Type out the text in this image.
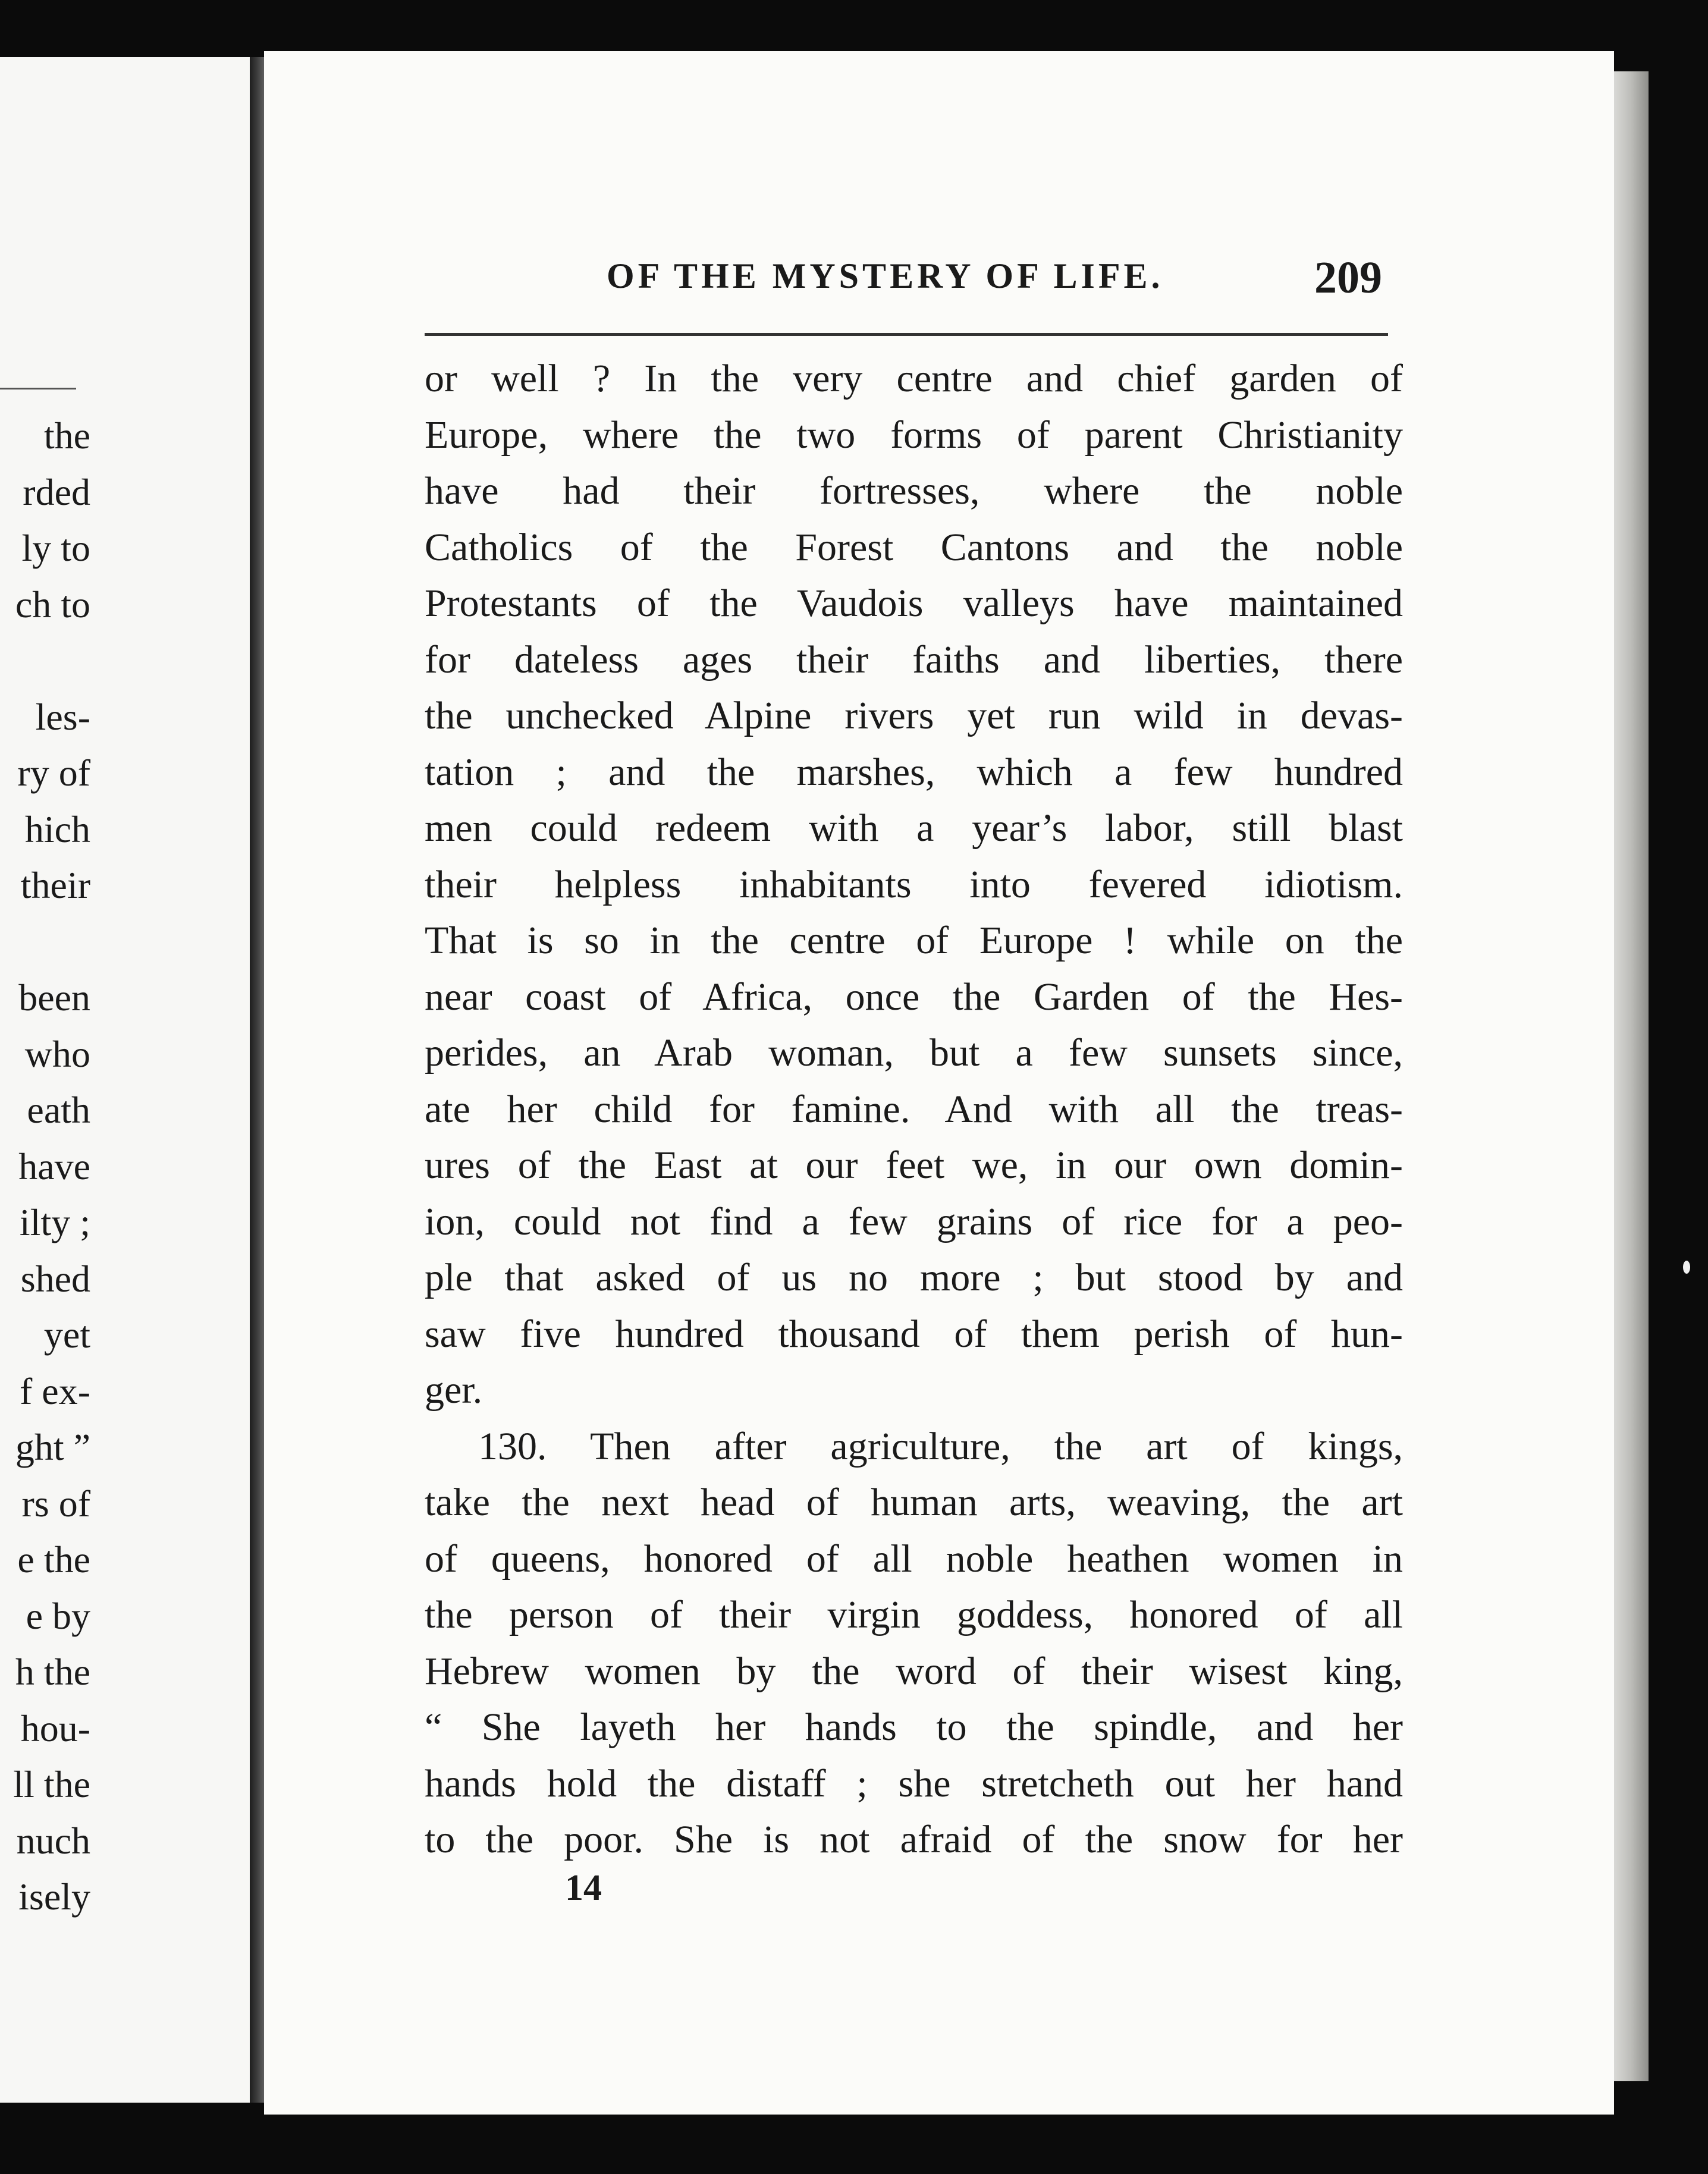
the
rded
ly to
ch to
les-
ry of
hich
their
been
who
eath
have
ilty ;
shed
yet
f ex-
ght ”
rs of
e the
e by
h the
hou-
ll the
nuch
isely
OF THE MYSTERY OF LIFE.	209
or well ? In the very centre and chief garden of
Europe, where the two forms of parent Christianity
have had their fortresses, where the noble
Catholics of the Forest Cantons and the noble
Protestants of the Vaudois valleys have maintained
for dateless ages their faiths and liberties, there
the unchecked Alpine rivers yet run wild in devas-
tation ; and the marshes, which a few hundred
men could redeem with a year’s labor, still blast
their helpless inhabitants into fevered idiotism.
That is so in the centre of Europe ! while on the
near coast of Africa, once the Garden of the Hes-
perides, an Arab woman, but a few sunsets since,
ate her child for famine. And with all the treas-
ures of the East at our feet we, in our own domin-
ion, could not find a few grains of rice for a peo-
ple that asked of us no more ; but stood by and
saw five hundred thousand of them perish of hun-
ger.
130. Then after agriculture, the art of kings,
take the next head of human arts, weaving, the art
of queens, honored of all noble heathen women in
the person of their virgin goddess, honored of all
Hebrew women by the word of their wisest king,
“ She layeth her hands to the spindle, and her
hands hold the distaff ; she stretcheth out her hand
to the poor. She is not afraid of the snow for her
14
